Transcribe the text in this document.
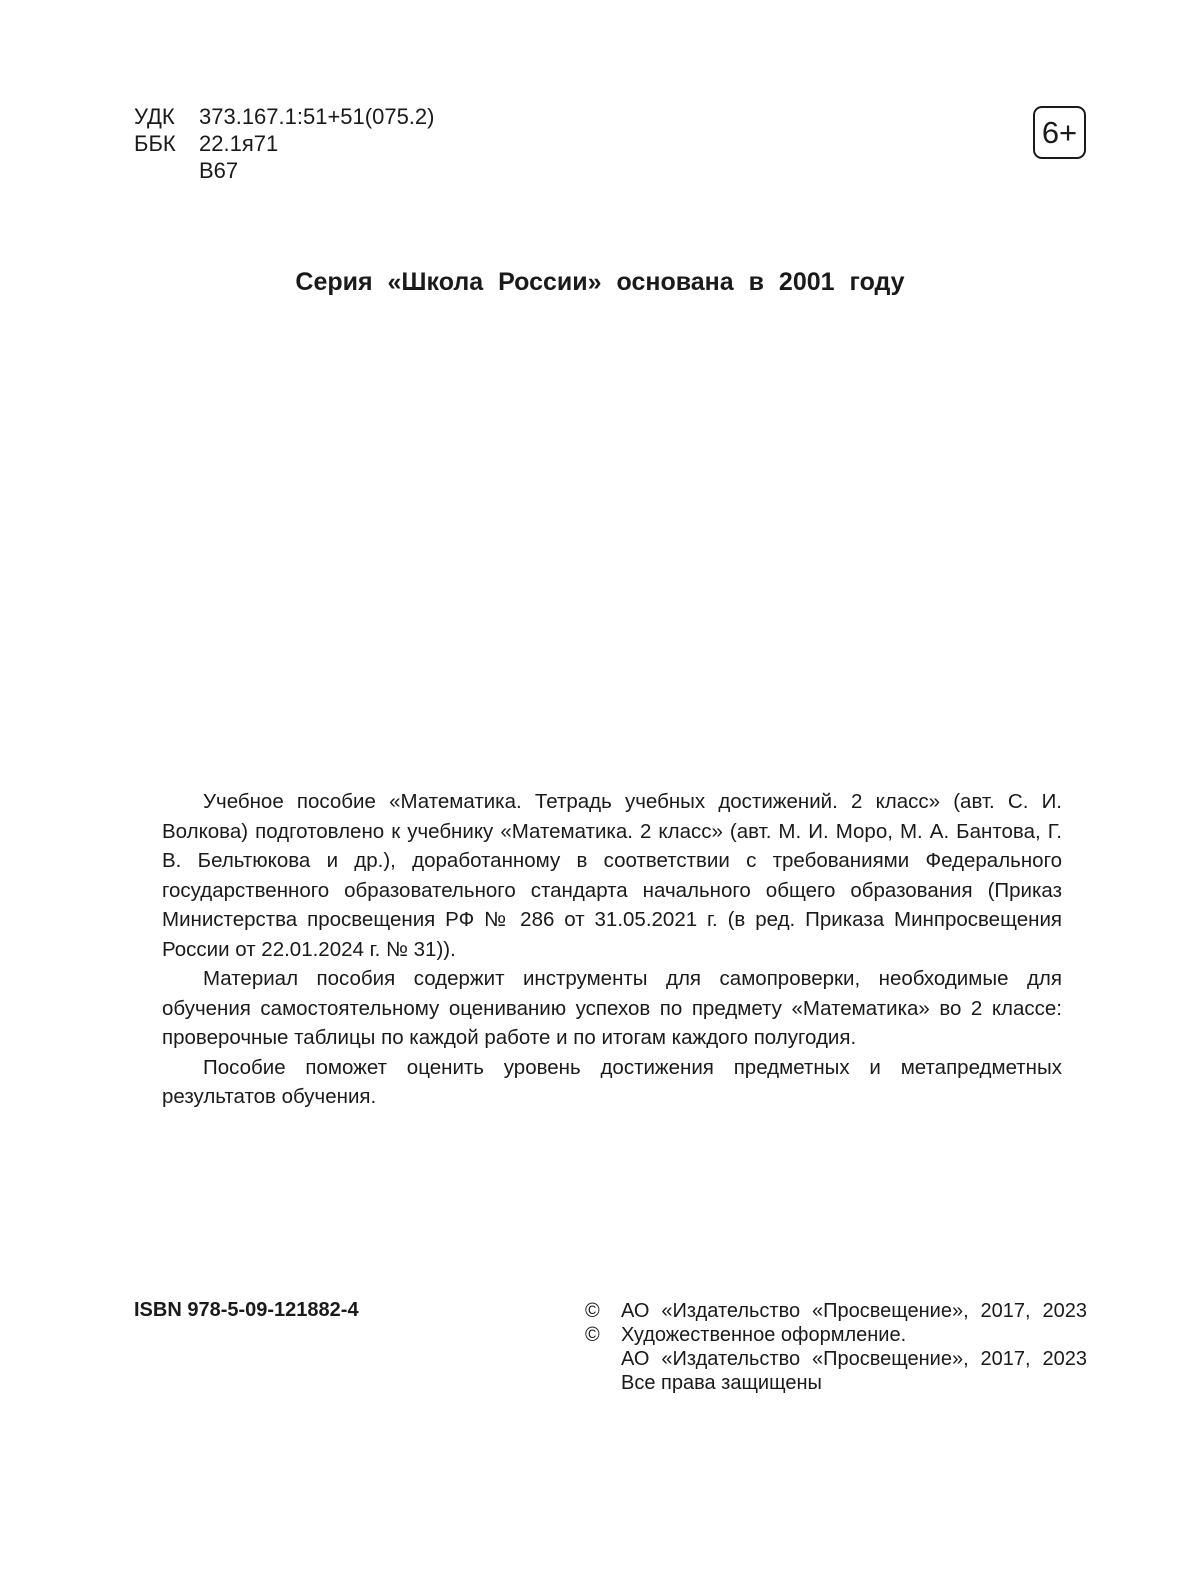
УДК	373.167.1:51+51(075.2)
ББК	22.1я71
В67
6+
Серия «Школа России» основана в 2001 году

Учебное пособие «Математика. Тетрадь учебных достижений. 2 класс» (авт. С. И. Волкова) подготовлено к учебнику «Математика. 2 класс» (авт. М. И. Моро, М. А. Бантова, Г. В. Бельтюкова и др.), доработанному в соответствии с требованиями Федерального государственного образовательного стандарта начального общего образования (Приказ Министерства просвещения РФ № 286 от 31.05.2021 г. (в ред. Приказа Минпросвещения России от 22.01.2024 г. № 31)).

Материал пособия содержит инструменты для самопроверки, необходимые для обучения самостоятельному оцениванию успехов по предмету «Математика» во 2 классе: проверочные таблицы по каждой работе и по итогам каждого полугодия.

Пособие поможет оценить уровень достижения предметных и метапредметных результатов обучения.

ISBN 978-5-09-121882-4	©	АО «Издательство «Просвещение», 2017, 2023
©	Художественное оформление.
АО «Издательство «Просвещение», 2017, 2023
Все права защищены
